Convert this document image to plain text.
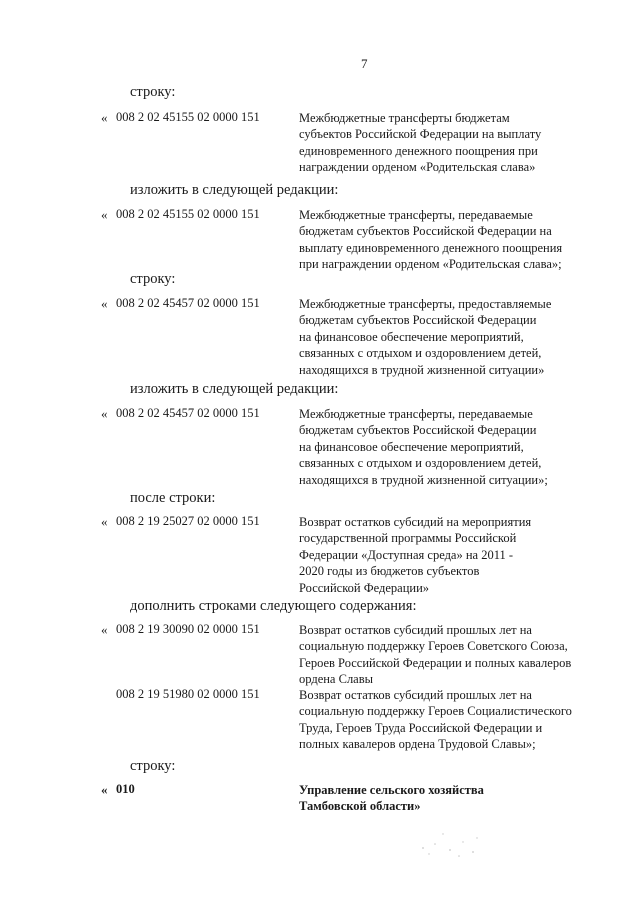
7
строку:
« 008 2 02 45155 02 0000 151	Межбюджетные трансферты бюджетам
субъектов Российской Федерации на выплату
единовременного денежного поощрения при
награждении орденом «Родительская слава»
изложить в следующей редакции:
« 008 2 02 45155 02 0000 151	Межбюджетные трансферты, передаваемые
бюджетам субъектов Российской Федерации на
выплату единовременного денежного поощрения
при награждении орденом «Родительская слава»;
строку:
« 008 2 02 45457 02 0000 151	Межбюджетные трансферты, предоставляемые
бюджетам субъектов Российской Федерации
на финансовое обеспечение мероприятий,
связанных с отдыхом и оздоровлением детей,
находящихся в трудной жизненной ситуации»
изложить в следующей редакции:
« 008 2 02 45457 02 0000 151	Межбюджетные трансферты, передаваемые
бюджетам субъектов Российской Федерации
на финансовое обеспечение мероприятий,
связанных с отдыхом и оздоровлением детей,
находящихся в трудной жизненной ситуации»;
после строки:
« 008 2 19 25027 02 0000 151	Возврат остатков субсидий на мероприятия
государственной программы Российской
Федерации «Доступная среда» на 2011 -
2020 годы из бюджетов субъектов
Российской Федерации»
дополнить строками следующего содержания:
« 008 2 19 30090 02 0000 151	Возврат остатков субсидий прошлых лет на
социальную поддержку Героев Советского Союза,
Героев Российской Федерации и полных кавалеров
ордена Славы
008 2 19 51980 02 0000 151	Возврат остатков субсидий прошлых лет на
социальную поддержку Героев Социалистического
Труда, Героев Труда Российской Федерации и
полных кавалеров ордена Трудовой Славы»;
строку:
« 010	Управление сельского хозяйства
Тамбовской области»
